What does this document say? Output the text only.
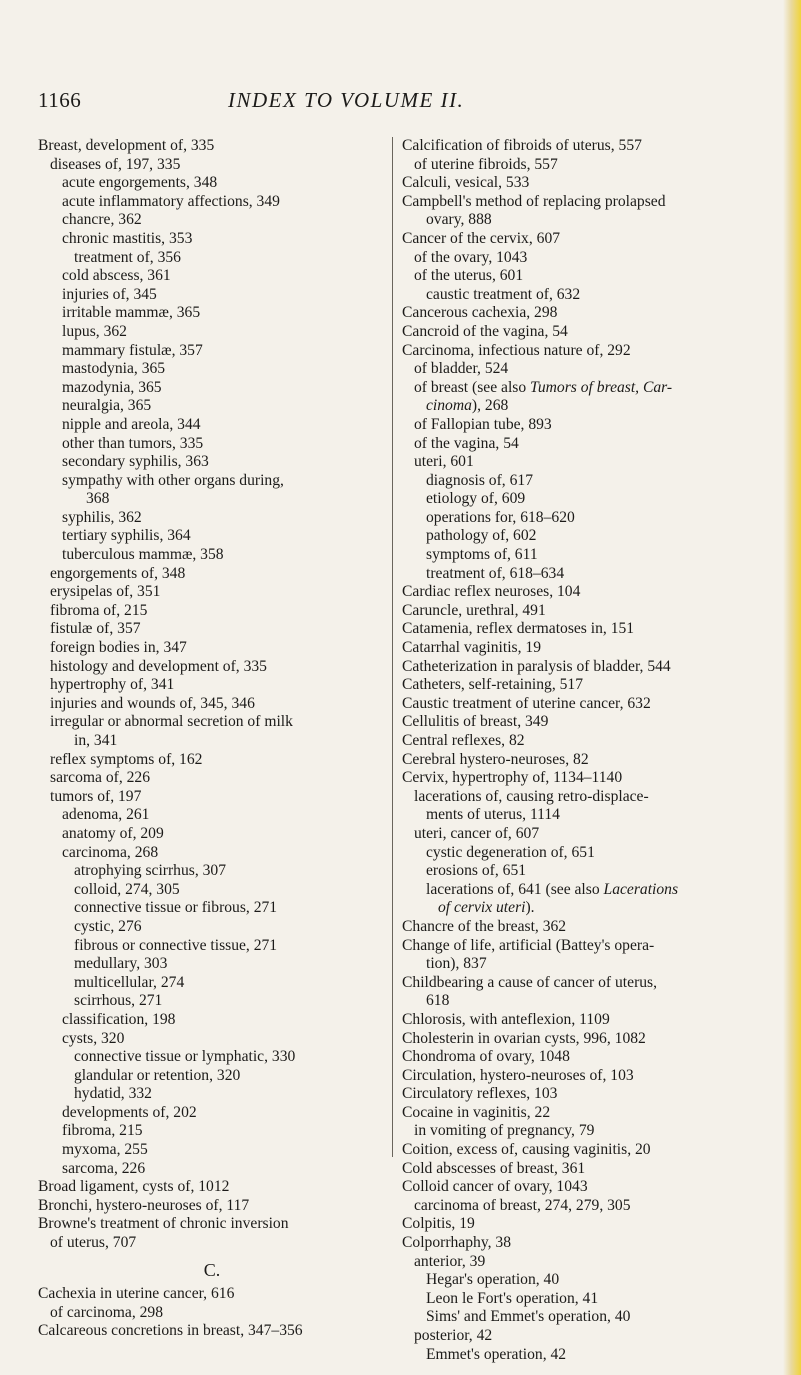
1166	INDEX TO VOLUME II.
Breast, development of, 335
diseases of, 197, 335
acute engorgements, 348
acute inflammatory affections, 349
chancre, 362
chronic mastitis, 353
treatment of, 356
cold abscess, 361
injuries of, 345
irritable mammæ, 365
lupus, 362
mammary fistulæ, 357
mastodynia, 365
mazodynia, 365
neuralgia, 365
nipple and areola, 344
other than tumors, 335
secondary syphilis, 363
sympathy with other organs during,
368
syphilis, 362
tertiary syphilis, 364
tuberculous mammæ, 358
engorgements of, 348
erysipelas of, 351
fibroma of, 215
fistulæ of, 357
foreign bodies in, 347
histology and development of, 335
hypertrophy of, 341
injuries and wounds of, 345, 346
irregular or abnormal secretion of milk
in, 341
reflex symptoms of, 162
sarcoma of, 226
tumors of, 197
adenoma, 261
anatomy of, 209
carcinoma, 268
atrophying scirrhus, 307
colloid, 274, 305
connective tissue or fibrous, 271
cystic, 276
fibrous or connective tissue, 271
medullary, 303
multicellular, 274
scirrhous, 271
classification, 198
cysts, 320
connective tissue or lymphatic, 330
glandular or retention, 320
hydatid, 332
developments of, 202
fibroma, 215
myxoma, 255
sarcoma, 226
Broad ligament, cysts of, 1012
Bronchi, hystero-neuroses of, 117
Browne's treatment of chronic inversion
of uterus, 707
C.
Cachexia in uterine cancer, 616
of carcinoma, 298
Calcareous concretions in breast, 347–356
Calcification of fibroids of uterus, 557
of uterine fibroids, 557
Calculi, vesical, 533
Campbell's method of replacing prolapsed
ovary, 888
Cancer of the cervix, 607
of the ovary, 1043
of the uterus, 601
caustic treatment of, 632
Cancerous cachexia, 298
Cancroid of the vagina, 54
Carcinoma, infectious nature of, 292
of bladder, 524
of breast (see also Tumors of breast, Car-
cinoma), 268
of Fallopian tube, 893
of the vagina, 54
uteri, 601
diagnosis of, 617
etiology of, 609
operations for, 618–620
pathology of, 602
symptoms of, 611
treatment of, 618–634
Cardiac reflex neuroses, 104
Caruncle, urethral, 491
Catamenia, reflex dermatoses in, 151
Catarrhal vaginitis, 19
Catheterization in paralysis of bladder, 544
Catheters, self-retaining, 517
Caustic treatment of uterine cancer, 632
Cellulitis of breast, 349
Central reflexes, 82
Cerebral hystero-neuroses, 82
Cervix, hypertrophy of, 1134–1140
lacerations of, causing retro-displace-
ments of uterus, 1114
uteri, cancer of, 607
cystic degeneration of, 651
erosions of, 651
lacerations of, 641 (see also Lacerations
of cervix uteri).
Chancre of the breast, 362
Change of life, artificial (Battey's opera-
tion), 837
Childbearing a cause of cancer of uterus,
618
Chlorosis, with anteflexion, 1109
Cholesterin in ovarian cysts, 996, 1082
Chondroma of ovary, 1048
Circulation, hystero-neuroses of, 103
Circulatory reflexes, 103
Cocaine in vaginitis, 22
in vomiting of pregnancy, 79
Coition, excess of, causing vaginitis, 20
Cold abscesses of breast, 361
Colloid cancer of ovary, 1043
carcinoma of breast, 274, 279, 305
Colpitis, 19
Colporrhaphy, 38
anterior, 39
Hegar's operation, 40
Leon le Fort's operation, 41
Sims' and Emmet's operation, 40
posterior, 42
Emmet's operation, 42
